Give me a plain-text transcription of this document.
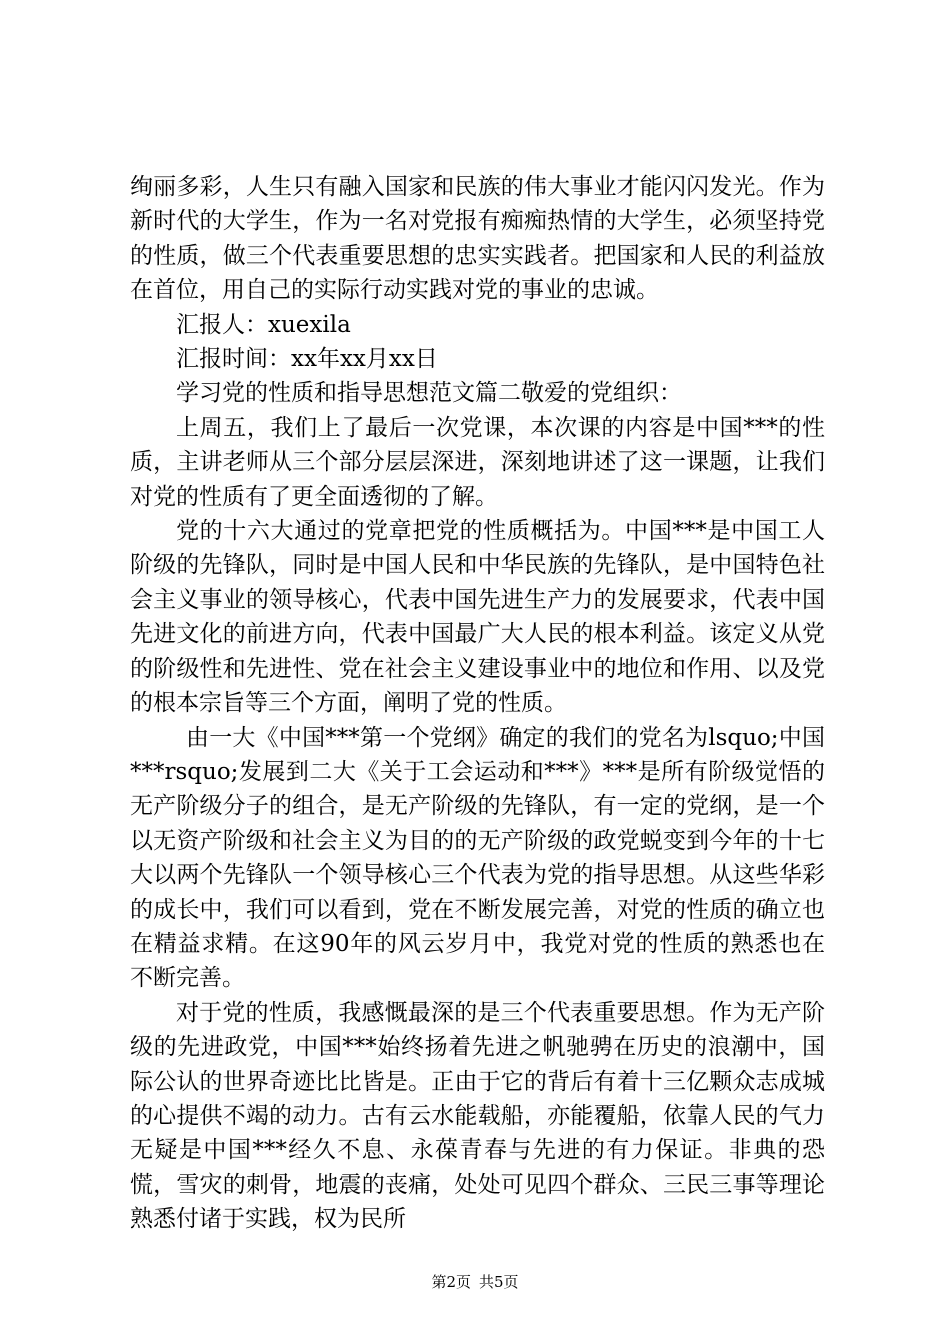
绚丽多彩，人生只有融入国家和民族的伟大事业才能闪闪发光。作为新时代的大学生，作为一名对党报有痴痴热情的大学生，必须坚持党的性质，做三个代表重要思想的忠实实践者。把国家和人民的利益放在首位，用自己的实际行动实践对党的事业的忠诚。

汇报人：xuexila

汇报时间：xx年xx月xx日

学习党的性质和指导思想范文篇二敬爱的党组织：

上周五，我们上了最后一次党课，本次课的内容是中国***的性质，主讲老师从三个部分层层深进，深刻地讲述了这一课题，让我们对党的性质有了更全面透彻的了解。

党的十六大通过的党章把党的性质概括为。中国***是中国工人阶级的先锋队，同时是中国人民和中华民族的先锋队，是中国特色社会主义事业的领导核心，代表中国先进生产力的发展要求，代表中国先进文化的前进方向，代表中国最广大人民的根本利益。该定义从党的阶级性和先进性、党在社会主义建设事业中的地位和作用、以及党的根本宗旨等三个方面，阐明了党的性质。

由一大《中国***第一个党纲》确定的我们的党名为lsquo;中国***rsquo;发展到二大《关于工会运动和***》***是所有阶级觉悟的无产阶级分子的组合，是无产阶级的先锋队，有一定的党纲，是一个以无资产阶级和社会主义为目的的无产阶级的政党蜕变到今年的十七大以两个先锋队一个领导核心三个代表为党的指导思想。从这些华彩的成长中，我们可以看到，党在不断发展完善，对党的性质的确立也在精益求精。在这90年的风云岁月中，我党对党的性质的熟悉也在不断完善。

对于党的性质，我感慨最深的是三个代表重要思想。作为无产阶级的先进政党，中国***始终扬着先进之帆驰骋在历史的浪潮中，国际公认的世界奇迹比比皆是。正由于它的背后有着十三亿颗众志成城的心提供不竭的动力。古有云水能载船，亦能覆船，依靠人民的气力无疑是中国***经久不息、永葆青春与先进的有力保证。非典的恐慌，雪灾的刺骨，地震的丧痛，处处可见四个群众、三民三事等理论熟悉付诸于实践，权为民所

第2页 共5页
